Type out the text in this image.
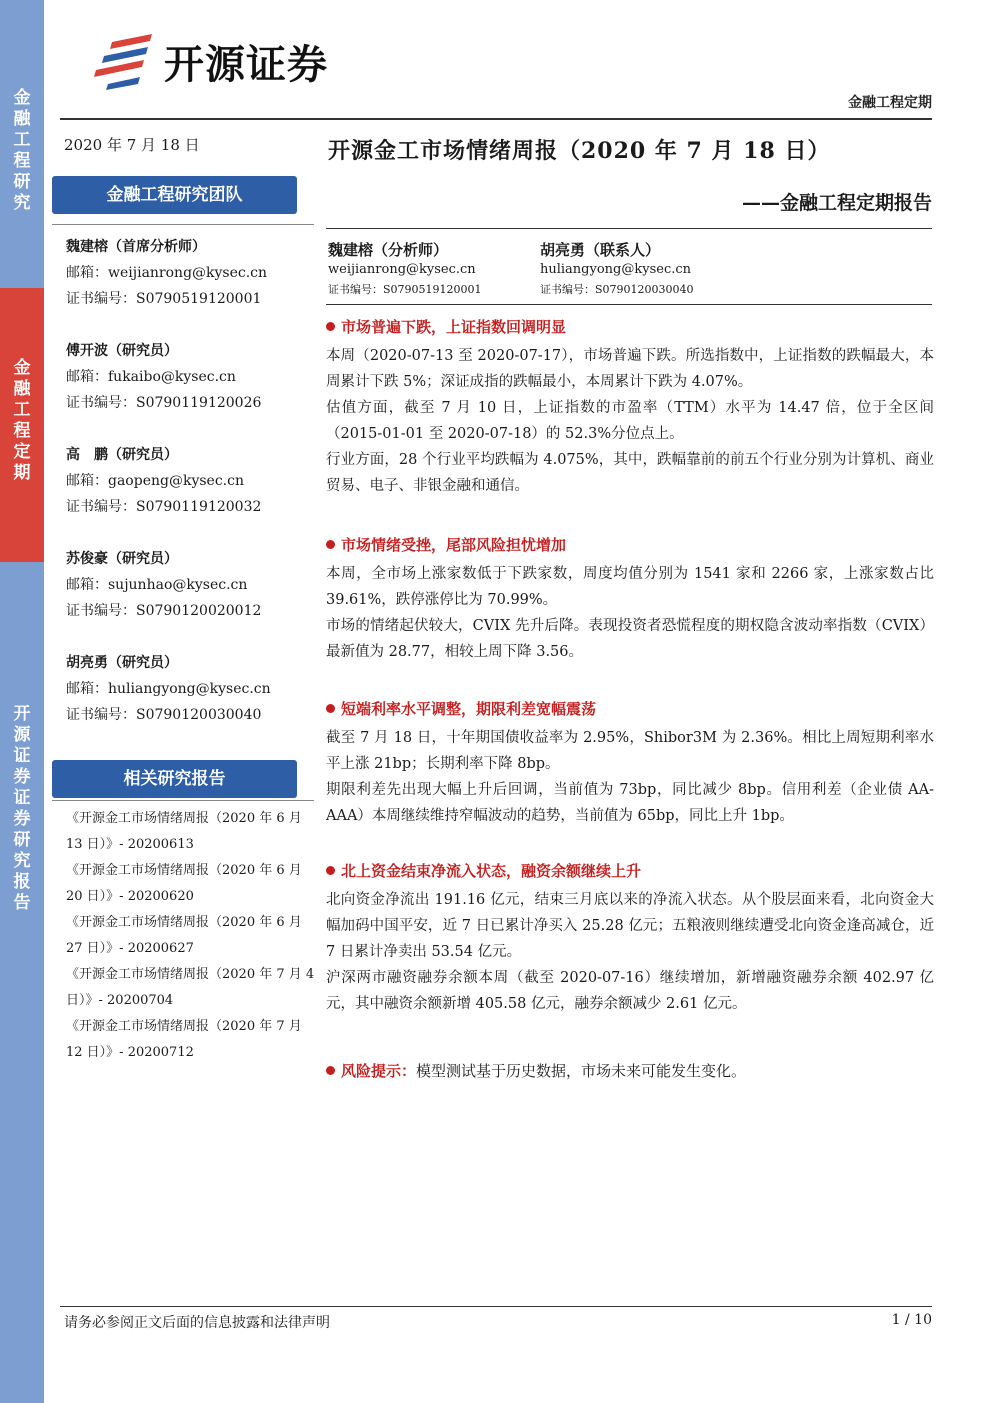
金融工程研究
金融工程定期
开源证券 证券研究报告
开源证券
金融工程定期
2020 年 7 月 18 日	开源金工市场情绪周报（2020 年 7 月 18 日）
——金融工程定期报告
金融工程研究团队
魏建榕（首席分析师）
邮箱：weijianrong@kysec.cn
证书编号：S0790519120001
傅开波（研究员）
邮箱：fukaibo@kysec.cn
证书编号：S0790119120026
高　鹏（研究员）
邮箱：gaopeng@kysec.cn
证书编号：S0790119120032
苏俊豪（研究员）
邮箱：sujunhao@kysec.cn
证书编号：S0790120020012
胡亮勇（研究员）
邮箱：huliangyong@kysec.cn
证书编号：S0790120030040
相关研究报告
《开源金工市场情绪周报（2020 年 6 月 13 日）》- 20200613
《开源金工市场情绪周报（2020 年 6 月 20 日）》- 20200620
《开源金工市场情绪周报（2020 年 6 月 27 日）》- 20200627
《开源金工市场情绪周报（2020 年 7 月 4 日）》- 20200704
《开源金工市场情绪周报（2020 年 7 月 12 日）》- 20200712
魏建榕（分析师）
weijianrong@kysec.cn
证书编号：S0790519120001
胡亮勇（联系人）
huliangyong@kysec.cn
证书编号：S0790120030040
市场普遍下跌，上证指数回调明显
本周（2020-07-13 至 2020-07-17），市场普遍下跌。所选指数中，上证指数的跌幅最大，本周累计下跌 5%；深证成指的跌幅最小，本周累计下跌为 4.07%。
估值方面，截至 7 月 10 日，上证指数的市盈率（TTM）水平为 14.47 倍，位于全区间（2015-01-01 至 2020-07-18）的 52.3%分位点上。
行业方面，28 个行业平均跌幅为 4.075%，其中，跌幅靠前的前五个行业分别为计算机、商业贸易、电子、非银金融和通信。
市场情绪受挫，尾部风险担忧增加
本周，全市场上涨家数低于下跌家数，周度均值分别为 1541 家和 2266 家，上涨家数占比 39.61%，跌停涨停比为 70.99%。
市场的情绪起伏较大，CVIX 先升后降。表现投资者恐慌程度的期权隐含波动率指数（CVIX）最新值为 28.77，相较上周下降 3.56。
短端利率水平调整，期限利差宽幅震荡
截至 7 月 18 日，十年期国债收益率为 2.95%，Shibor3M 为 2.36%。相比上周短期利率水平上涨 21bp；长期利率下降 8bp。
期限利差先出现大幅上升后回调，当前值为 73bp，同比减少 8bp。信用利差（企业债 AA-AAA）本周继续维持窄幅波动的趋势，当前值为 65bp，同比上升 1bp。
北上资金结束净流入状态，融资余额继续上升
北向资金净流出 191.16 亿元，结束三月底以来的净流入状态。从个股层面来看，北向资金大幅加码中国平安，近 7 日已累计净买入 25.28 亿元；五粮液则继续遭受北向资金逢高减仓，近 7 日累计净卖出 53.54 亿元。
沪深两市融资融券余额本周（截至 2020-07-16）继续增加，新增融资融券余额 402.97 亿元，其中融资余额新增 405.58 亿元，融券余额减少 2.61 亿元。
风险提示：模型测试基于历史数据，市场未来可能发生变化。
请务必参阅正文后面的信息披露和法律声明	1 / 10
